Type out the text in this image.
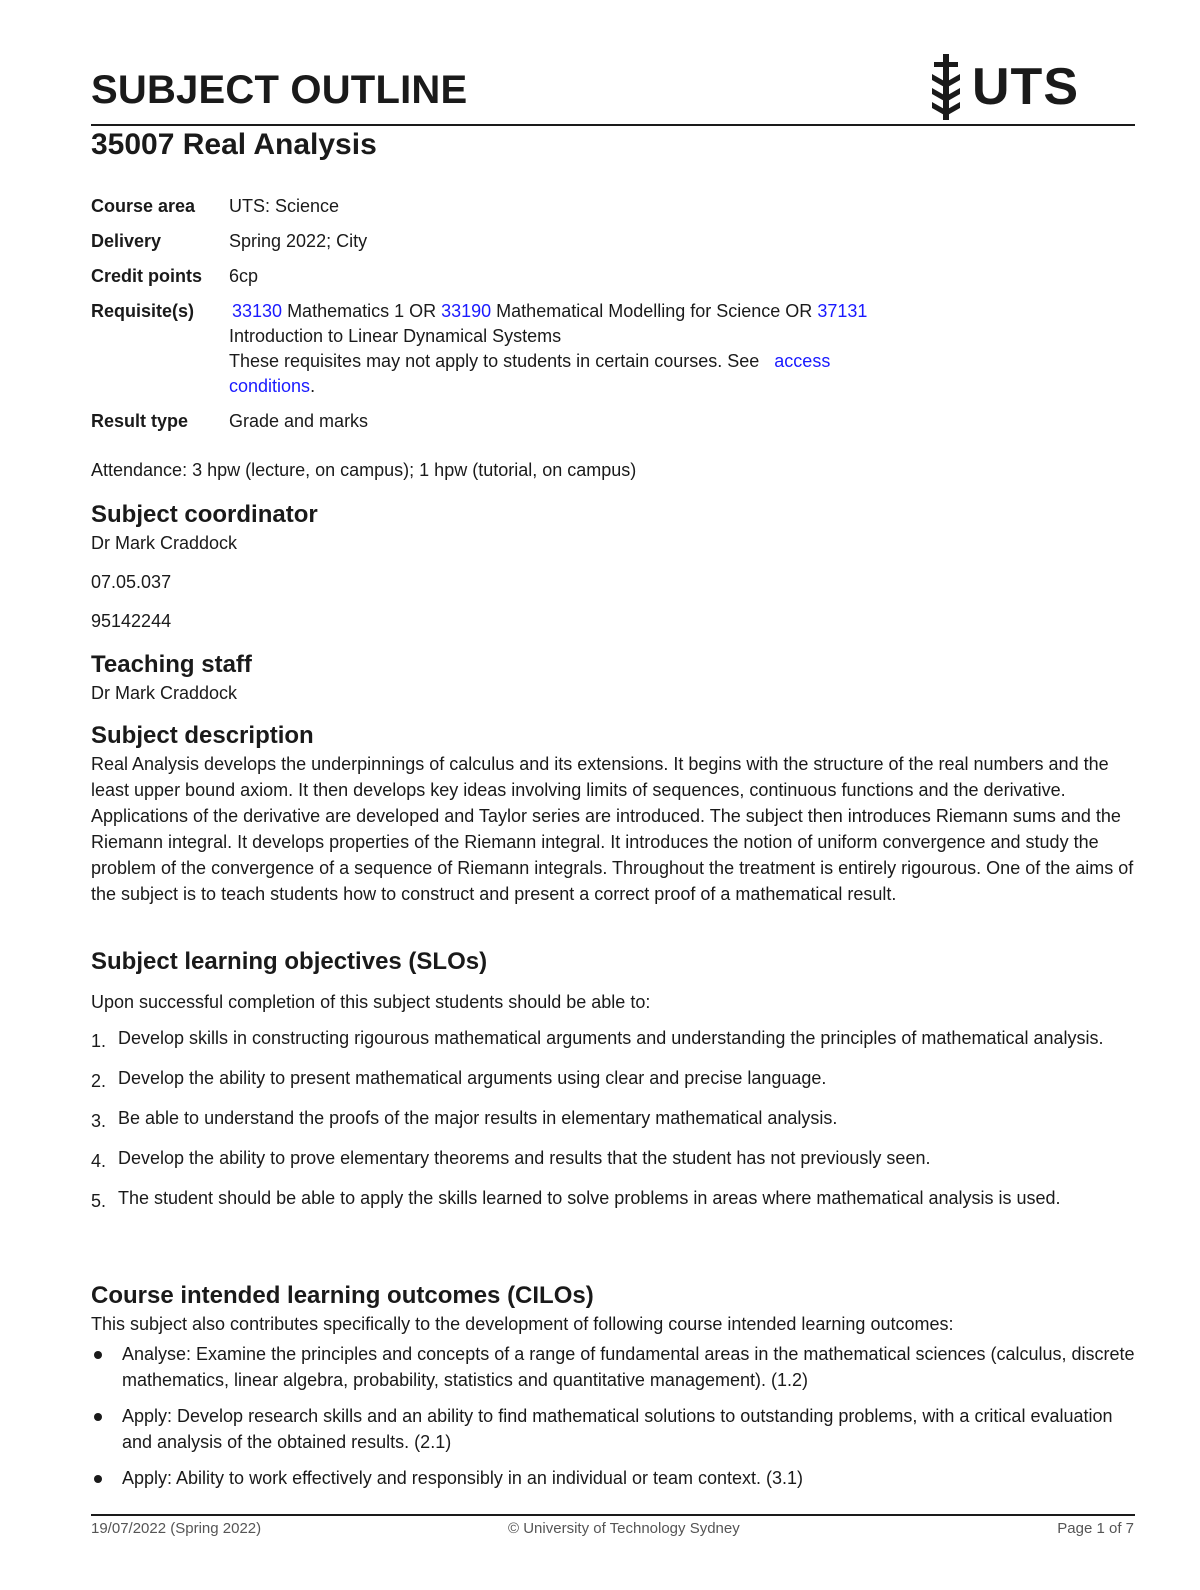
SUBJECT OUTLINE	UTS
35007 Real Analysis
Course area	UTS: Science
Delivery	Spring 2022; City
Credit points	6cp
Requisite(s)	33130 Mathematics 1 OR 33190 Mathematical Modelling for Science OR 37131
Introduction to Linear Dynamical Systems
These requisites may not apply to students in certain courses. See access
conditions.
Result type	Grade and marks
Attendance: 3 hpw (lecture, on campus); 1 hpw (tutorial, on campus)
Subject coordinator

Dr Mark Craddock

07.05.037

95142244

Teaching staff

Dr Mark Craddock

Subject description

Real Analysis develops the underpinnings of calculus and its extensions. It begins with the structure of the real numbers and the least upper bound axiom. It then develops key ideas involving limits of sequences, continuous functions and the derivative. Applications of the derivative are developed and Taylor series are introduced. The subject then introduces Riemann sums and the Riemann integral. It develops properties of the Riemann integral. It introduces the notion of uniform convergence and study the problem of the convergence of a sequence of Riemann integrals. Throughout the treatment is entirely rigourous. One of the aims of the subject is to teach students how to construct and present a correct proof of a mathematical result.

Subject learning objectives (SLOs)

Upon successful completion of this subject students should be able to:

1. Develop skills in constructing rigourous mathematical arguments and understanding the principles of mathematical analysis.
2. Develop the ability to present mathematical arguments using clear and precise language.
3. Be able to understand the proofs of the major results in elementary mathematical analysis.
4. Develop the ability to prove elementary theorems and results that the student has not previously seen.
5. The student should be able to apply the skills learned to solve problems in areas where mathematical analysis is used.
Course intended learning outcomes (CILOs)

This subject also contributes specifically to the development of following course intended learning outcomes:

Analyse: Examine the principles and concepts of a range of fundamental areas in the mathematical sciences (calculus, discrete mathematics, linear algebra, probability, statistics and quantitative management). (1.2)
Apply: Develop research skills and an ability to find mathematical solutions to outstanding problems, with a critical evaluation and analysis of the obtained results. (2.1)
Apply: Ability to work effectively and responsibly in an individual or team context. (3.1)
19/07/2022 (Spring 2022)	© University of Technology Sydney	Page 1 of 7
